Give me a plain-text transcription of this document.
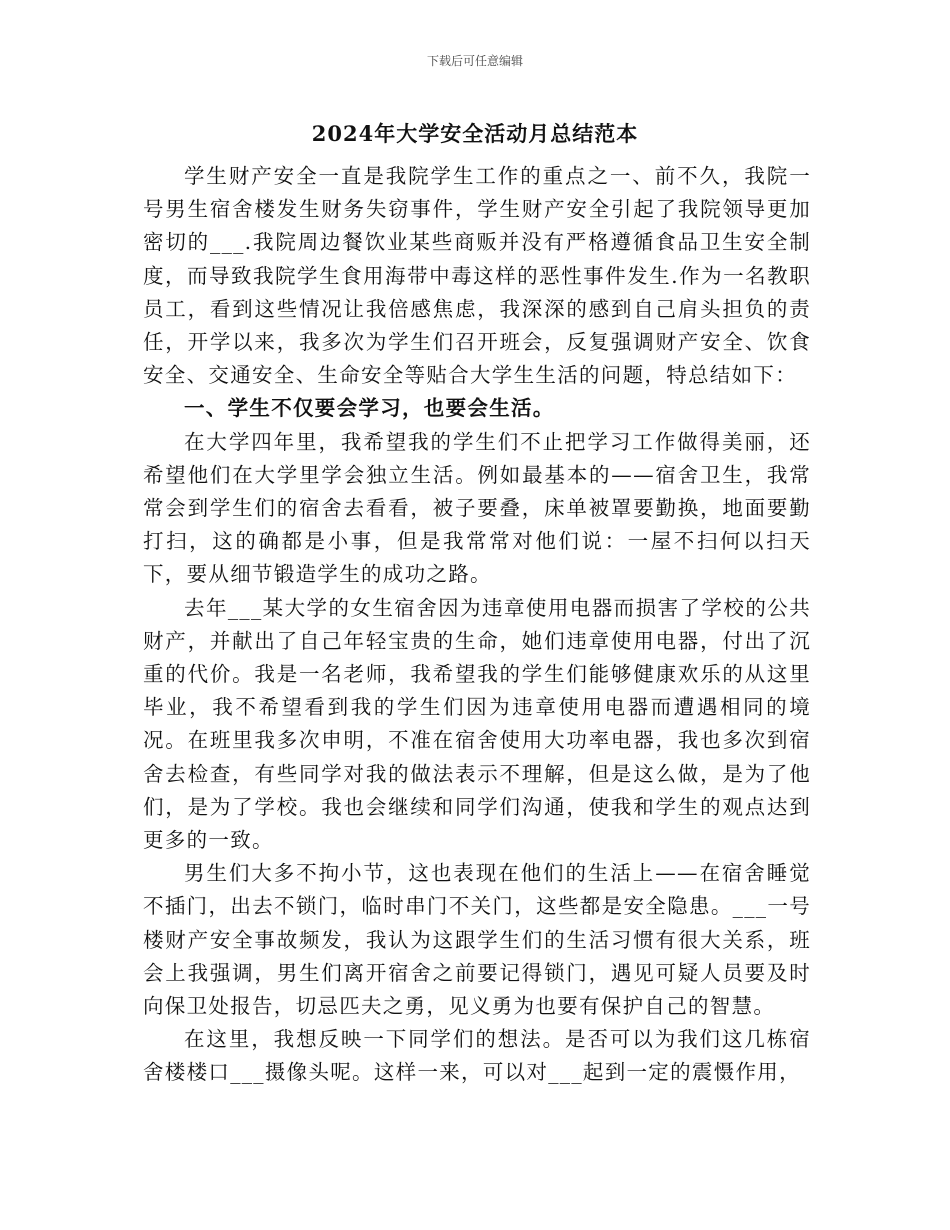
下载后可任意编辑
2024年大学安全活动月总结范本

学生财产安全一直是我院学生工作的重点之一、前不久，我院一号男生宿舍楼发生财务失窃事件，学生财产安全引起了我院领导更加密切的___.我院周边餐饮业某些商贩并没有严格遵循食品卫生安全制度，而导致我院学生食用海带中毒这样的恶性事件发生.作为一名教职员工，看到这些情况让我倍感焦虑，我深深的感到自己肩头担负的责任，开学以来，我多次为学生们召开班会，反复强调财产安全、饮食安全、交通安全、生命安全等贴合大学生生活的问题，特总结如下：

一、学生不仅要会学习，也要会生活。

在大学四年里，我希望我的学生们不止把学习工作做得美丽，还希望他们在大学里学会独立生活。例如最基本的——宿舍卫生，我常常会到学生们的宿舍去看看，被子要叠，床单被罩要勤换，地面要勤打扫，这的确都是小事，但是我常常对他们说：一屋不扫何以扫天下，要从细节锻造学生的成功之路。

去年___某大学的女生宿舍因为违章使用电器而损害了学校的公共财产，并献出了自己年轻宝贵的生命，她们违章使用电器，付出了沉重的代价。我是一名老师，我希望我的学生们能够健康欢乐的从这里毕业，我不希望看到我的学生们因为违章使用电器而遭遇相同的境况。在班里我多次申明，不准在宿舍使用大功率电器，我也多次到宿舍去检查，有些同学对我的做法表示不理解，但是这么做，是为了他们，是为了学校。我也会继续和同学们沟通，使我和学生的观点达到更多的一致。

男生们大多不拘小节，这也表现在他们的生活上——在宿舍睡觉不插门，出去不锁门，临时串门不关门，这些都是安全隐患。___一号楼财产安全事故频发，我认为这跟学生们的生活习惯有很大关系，班会上我强调，男生们离开宿舍之前要记得锁门，遇见可疑人员要及时向保卫处报告，切忌匹夫之勇，见义勇为也要有保护自己的智慧。

在这里，我想反映一下同学们的想法。是否可以为我们这几栋宿舍楼楼口___摄像头呢。这样一来，可以对___起到一定的震慑作用，
